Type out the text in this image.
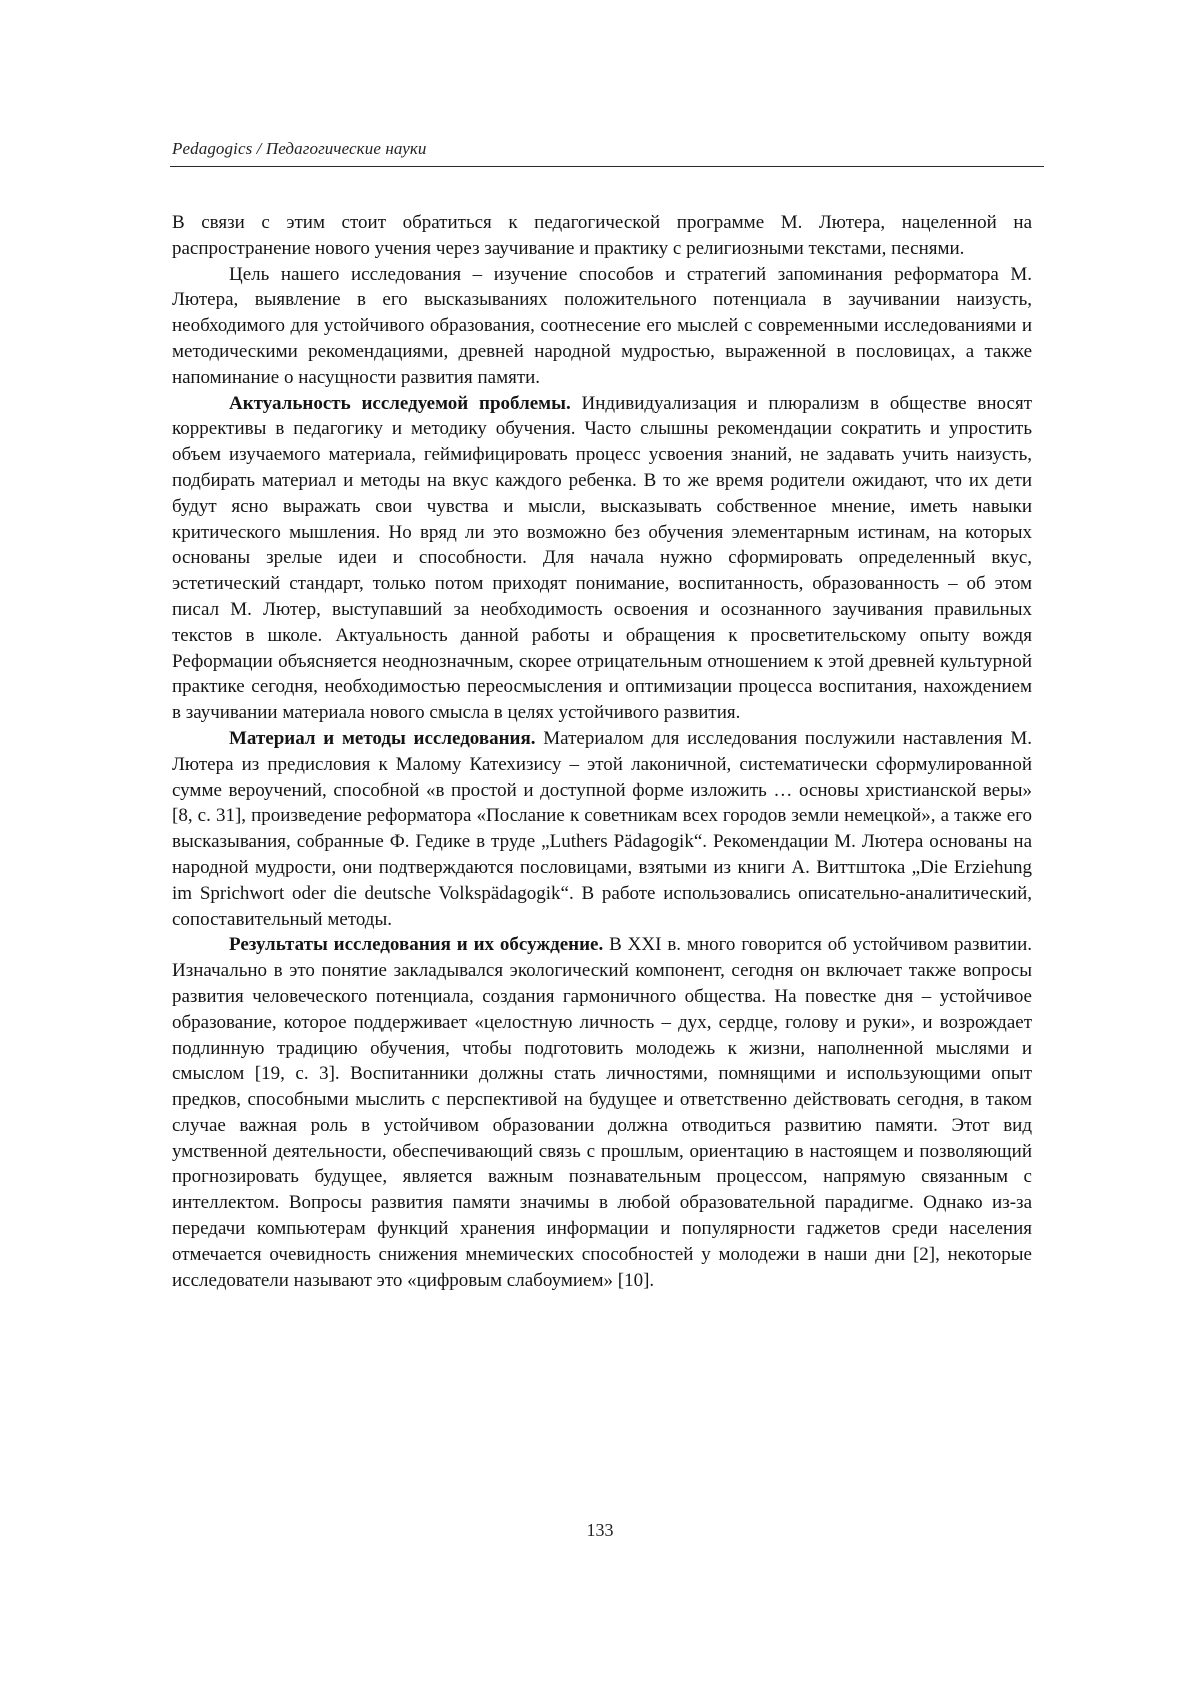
Pedagogics / Педагогические науки

В связи с этим стоит обратиться к педагогической программе М. Лютера, нацеленной на распространение нового учения через заучивание и практику с религиозными текстами, песнями.

Цель нашего исследования – изучение способов и стратегий запоминания реформатора М. Лютера, выявление в его высказываниях положительного потенциала в заучивании наизусть, необходимого для устойчивого образования, соотнесение его мыслей с современными исследованиями и методическими рекомендациями, древней народной мудростью, выраженной в пословицах, а также напоминание о насущности развития памяти.

Актуальность исследуемой проблемы. Индивидуализация и плюрализм в обществе вносят коррективы в педагогику и методику обучения. Часто слышны рекомендации сократить и упростить объем изучаемого материала, геймифицировать процесс усвоения знаний, не задавать учить наизусть, подбирать материал и методы на вкус каждого ребенка. В то же время родители ожидают, что их дети будут ясно выражать свои чувства и мысли, высказывать собственное мнение, иметь навыки критического мышления. Но вряд ли это возможно без обучения элементарным истинам, на которых основаны зрелые идеи и способности. Для начала нужно сформировать определенный вкус, эстетический стандарт, только потом приходят понимание, воспитанность, образованность – об этом писал М. Лютер, выступавший за необходимость освоения и осознанного заучивания правильных текстов в школе. Актуальность данной работы и обращения к просветительскому опыту вождя Реформации объясняется неоднозначным, скорее отрицательным отношением к этой древней культурной практике сегодня, необходимостью переосмысления и оптимизации процесса воспитания, нахождением в заучивании материала нового смысла в целях устойчивого развития.

Материал и методы исследования. Материалом для исследования послужили наставления М. Лютера из предисловия к Малому Катехизису – этой лаконичной, систематически сформулированной сумме вероучений, способной «в простой и доступной форме изложить … основы христианской веры» [8, с. 31], произведение реформатора «Послание к советникам всех городов земли немецкой», а также его высказывания, собранные Ф. Гедике в труде „Luthers Pädagogik“. Рекомендации М. Лютера основаны на народной мудрости, они подтверждаются пословицами, взятыми из книги А. Виттштока „Die Erziehung im Sprichwort oder die deutsche Volkspädagogik“. В работе использовались описательно-аналитический, сопоставительный методы.

Результаты исследования и их обсуждение. В XXI в. много говорится об устойчивом развитии. Изначально в это понятие закладывался экологический компонент, сегодня он включает также вопросы развития человеческого потенциала, создания гармоничного общества. На повестке дня – устойчивое образование, которое поддерживает «целостную личность – дух, сердце, голову и руки», и возрождает подлинную традицию обучения, чтобы подготовить молодежь к жизни, наполненной мыслями и смыслом [19, с. 3]. Воспитанники должны стать личностями, помнящими и использующими опыт предков, способными мыслить с перспективой на будущее и ответственно действовать сегодня, в таком случае важная роль в устойчивом образовании должна отводиться развитию памяти. Этот вид умственной деятельности, обеспечивающий связь с прошлым, ориентацию в настоящем и позволяющий прогнозировать будущее, является важным познавательным процессом, напрямую связанным с интеллектом. Вопросы развития памяти значимы в любой образовательной парадигме. Однако из-за передачи компьютерам функций хранения информации и популярности гаджетов среди населения отмечается очевидность снижения мнемических способностей у молодежи в наши дни [2], некоторые исследователи называют это «цифровым слабоумием» [10].

133
